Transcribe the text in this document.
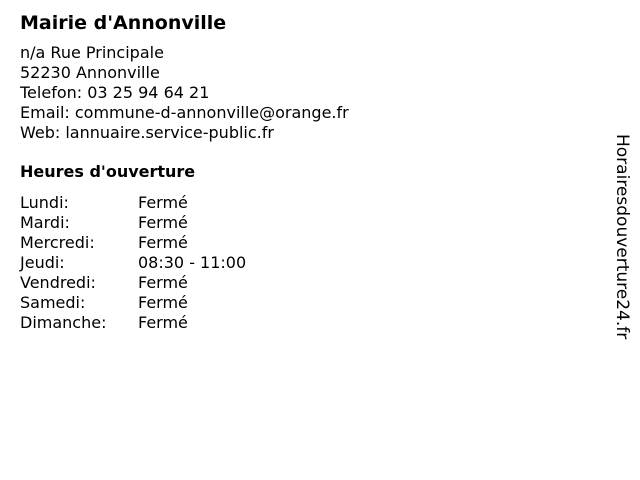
Mairie d'Annonville
n/a Rue Principale
52230 Annonville
Telefon: 03 25 94 64 21
Email: commune-d-annonville@orange.fr
Web: lannuaire.service-public.fr
Heures d'ouverture
Lundi:	Fermé
Mardi:	Fermé
Mercredi:	Fermé
Jeudi:	08:30 - 11:00
Vendredi:	Fermé
Samedi:	Fermé
Dimanche:	Fermé	Horairesdouverture24.fr
